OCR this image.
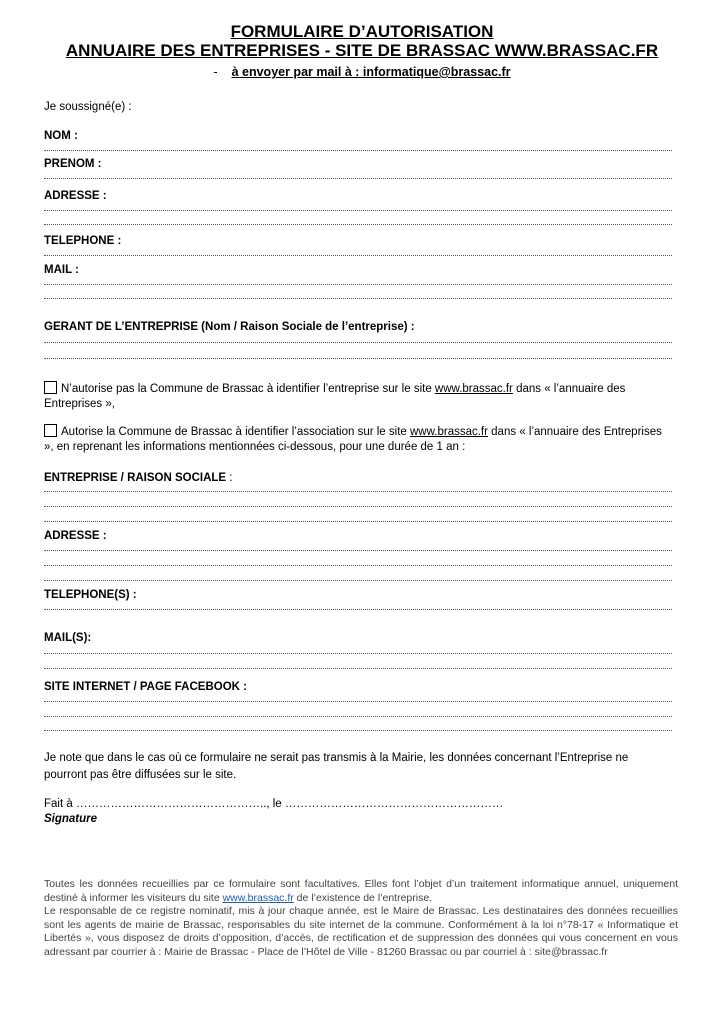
FORMULAIRE D’AUTORISATION
ANNUAIRE DES ENTREPRISES - SITE DE BRASSAC WWW.BRASSAC.FR
- à envoyer par mail à : informatique@brassac.fr
Je soussigné(e) :
NOM :
PRENOM :
ADRESSE :
TELEPHONE :
MAIL :
GERANT DE L’ENTREPRISE (Nom / Raison Sociale de l’entreprise) :
N’autorise pas la Commune de Brassac à identifier l’entreprise sur le site www.brassac.fr dans « l’annuaire des Entreprises »,
Autorise la Commune de Brassac à identifier l’association sur le site www.brassac.fr dans « l’annuaire des Entreprises », en reprenant les informations mentionnées ci-dessous, pour une durée de 1 an :
ENTREPRISE / RAISON SOCIALE :
ADRESSE :
TELEPHONE(S) :
MAIL(S):
SITE INTERNET / PAGE FACEBOOK :
Je note que dans le cas où ce formulaire ne serait pas transmis à la Mairie, les données concernant l’Entreprise ne pourront pas être diffusées sur le site.
Fait à ………………………………………….., le …………………………………………………
Signature
Toutes les données recueillies par ce formulaire sont facultatives. Elles font l’objet d’un traitement informatique annuel, uniquement destiné à informer les visiteurs du site www.brassac.fr de l’existence de l’entreprise.
Le responsable de ce registre nominatif, mis à jour chaque année, est le Maire de Brassac. Les destinataires des données recueillies sont les agents de mairie de Brassac, responsables du site internet de la commune. Conformément à la loi n°78-17 « Informatique et Libertés », vous disposez de droits d’opposition, d’accès, de rectification et de suppression des données qui vous concernent en vous adressant par courrier à : Mairie de Brassac - Place de l’Hôtel de Ville - 81260 Brassac ou par courriel à : site@brassac.fr
